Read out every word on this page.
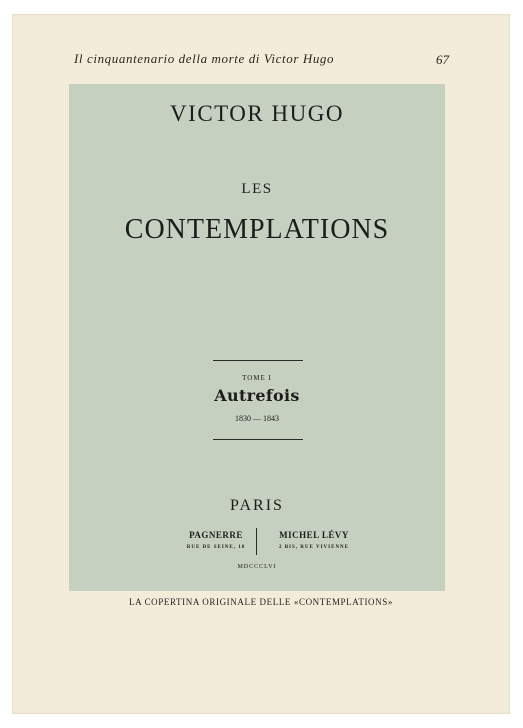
Il cinquantenario della morte di Victor Hugo	67
VICTOR HUGO
LES
CONTEMPLATIONS
TOME I
Autrefois
1830 — 1843
PARIS
PAGNERRE
RUE DE SEINE, 18
MICHEL LÉVY
2 BIS, RUE VIVIENNE
MDCCCLVI
LA COPERTINA ORIGINALE DELLE «CONTEMPLATIONS»
